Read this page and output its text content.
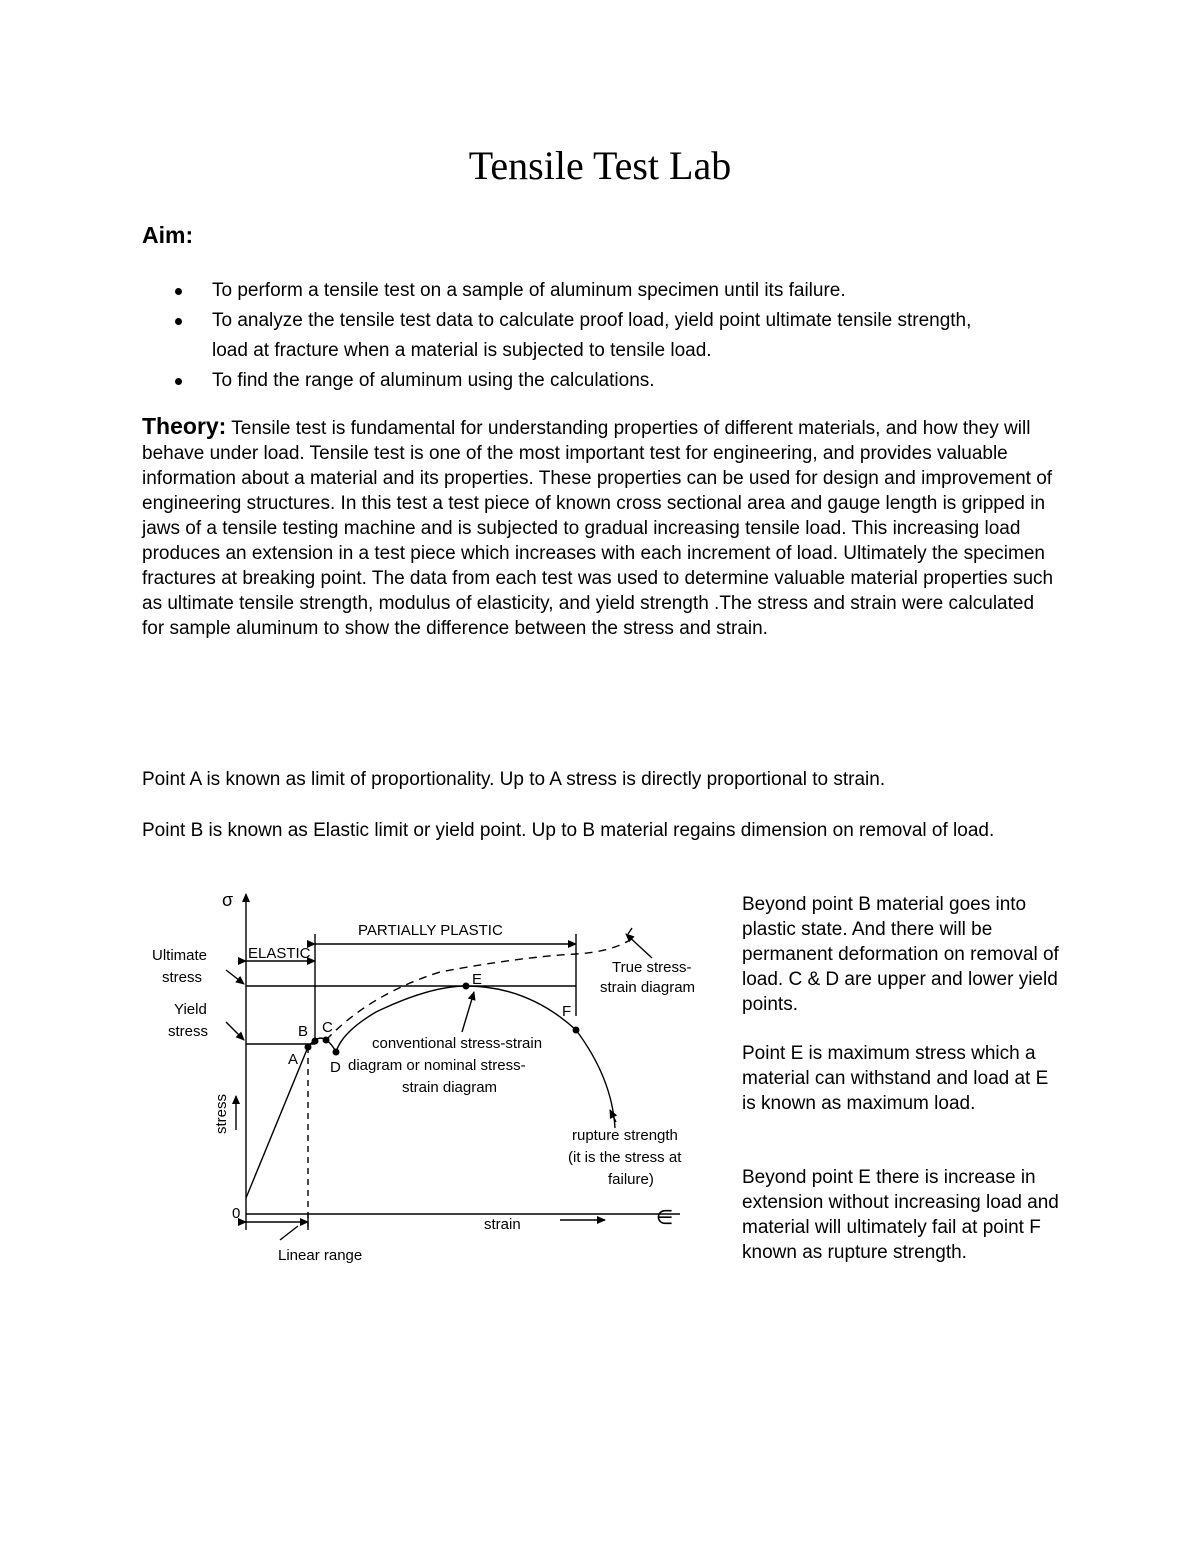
Tensile Test Lab
Aim:
To perform a tensile test on a sample of aluminum specimen until its failure.
To analyze the tensile test data to calculate proof load, yield point ultimate tensile strength, load at fracture when a material is subjected to tensile load.
To find the range of aluminum using the calculations.

Theory: Tensile test is fundamental for understanding properties of different materials, and how they will behave under load. Tensile test is one of the most important test for engineering, and provides valuable information about a material and its properties. These properties can be used for design and improvement of engineering structures. In this test a test piece of known cross sectional area and gauge length is gripped in jaws of a tensile testing machine and is subjected to gradual increasing tensile load. This increasing load produces an extension in a test piece which increases with each increment of load. Ultimately the specimen fractures at breaking point. The data from each test was used to determine valuable material properties such as ultimate tensile strength, modulus of elasticity, and yield strength .The stress and strain were calculated for sample aluminum to show the difference between the stress and strain.

Point A is known as limit of proportionality. Up to A stress is directly proportional to strain.

Point B is known as Elastic limit or yield point. Up to B material regains dimension on removal of load.

σ
ELASTIC
PARTIALLY PLASTIC
Ultimate
stress
Yield
stress
True stress-
strain diagram
conventional stress-strain
diagram or nominal stress-
strain diagram
rupture strength
(it is the stress at
failure)
A
B C
D
E
F
0
strain	∈
Linear range
stress

Beyond point B material goes into plastic state. And there will be permanent deformation on removal of load. C & D are upper and lower yield points.

Point E is maximum stress which a material can withstand and load at E is known as maximum load.

Beyond point E there is increase in extension without increasing load and material will ultimately fail at point F known as rupture strength.
